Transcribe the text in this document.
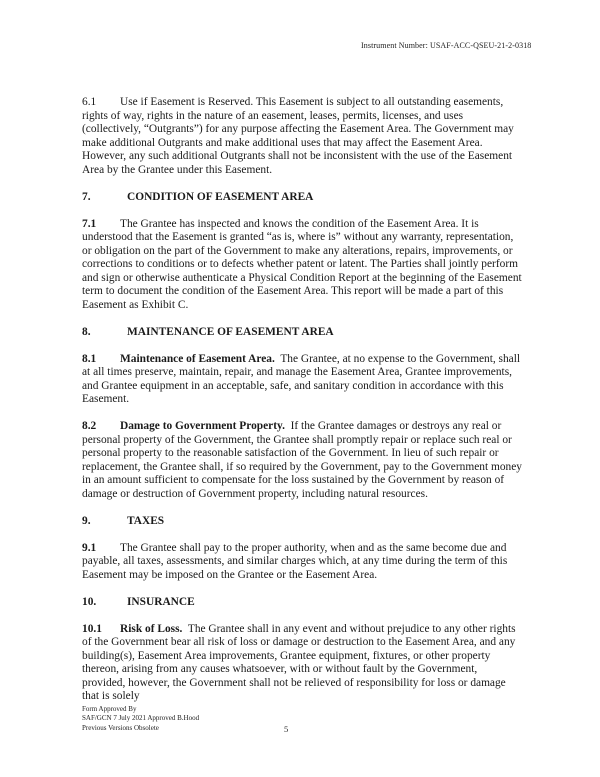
Instrument Number: USAF-ACC-QSEU-21-2-0318

6.1 Use if Easement is Reserved. This Easement is subject to all outstanding easements, rights of way, rights in the nature of an easement, leases, permits, licenses, and uses (collectively, “Outgrants”) for any purpose affecting the Easement Area. The Government may make additional Outgrants and make additional uses that may affect the Easement Area. However, any such additional Outgrants shall not be inconsistent with the use of the Easement Area by the Grantee under this Easement.

7.	CONDITION OF EASEMENT AREA

7.1 The Grantee has inspected and knows the condition of the Easement Area. It is understood that the Easement is granted “as is, where is” without any warranty, representation, or obligation on the part of the Government to make any alterations, repairs, improvements, or corrections to conditions or to defects whether patent or latent. The Parties shall jointly perform and sign or otherwise authenticate a Physical Condition Report at the beginning of the Easement term to document the condition of the Easement Area. This report will be made a part of this Easement as Exhibit C.

8.	MAINTENANCE OF EASEMENT AREA

8.1 Maintenance of Easement Area. The Grantee, at no expense to the Government, shall at all times preserve, maintain, repair, and manage the Easement Area, Grantee improvements, and Grantee equipment in an acceptable, safe, and sanitary condition in accordance with this Easement.

8.2 Damage to Government Property. If the Grantee damages or destroys any real or personal property of the Government, the Grantee shall promptly repair or replace such real or personal property to the reasonable satisfaction of the Government. In lieu of such repair or replacement, the Grantee shall, if so required by the Government, pay to the Government money in an amount sufficient to compensate for the loss sustained by the Government by reason of damage or destruction of Government property, including natural resources.

9.	TAXES

9.1 The Grantee shall pay to the proper authority, when and as the same become due and payable, all taxes, assessments, and similar charges which, at any time during the term of this Easement may be imposed on the Grantee or the Easement Area.

10.	INSURANCE

10.1 Risk of Loss. The Grantee shall in any event and without prejudice to any other rights of the Government bear all risk of loss or damage or destruction to the Easement Area, and any building(s), Easement Area improvements, Grantee equipment, fixtures, or other property thereon, arising from any causes whatsoever, with or without fault by the Government, provided, however, the Government shall not be relieved of responsibility for loss or damage that is solely

Form Approved By
SAF/GCN 7 July 2021 Approved B.Hood
Previous Versions Obsolete	5
